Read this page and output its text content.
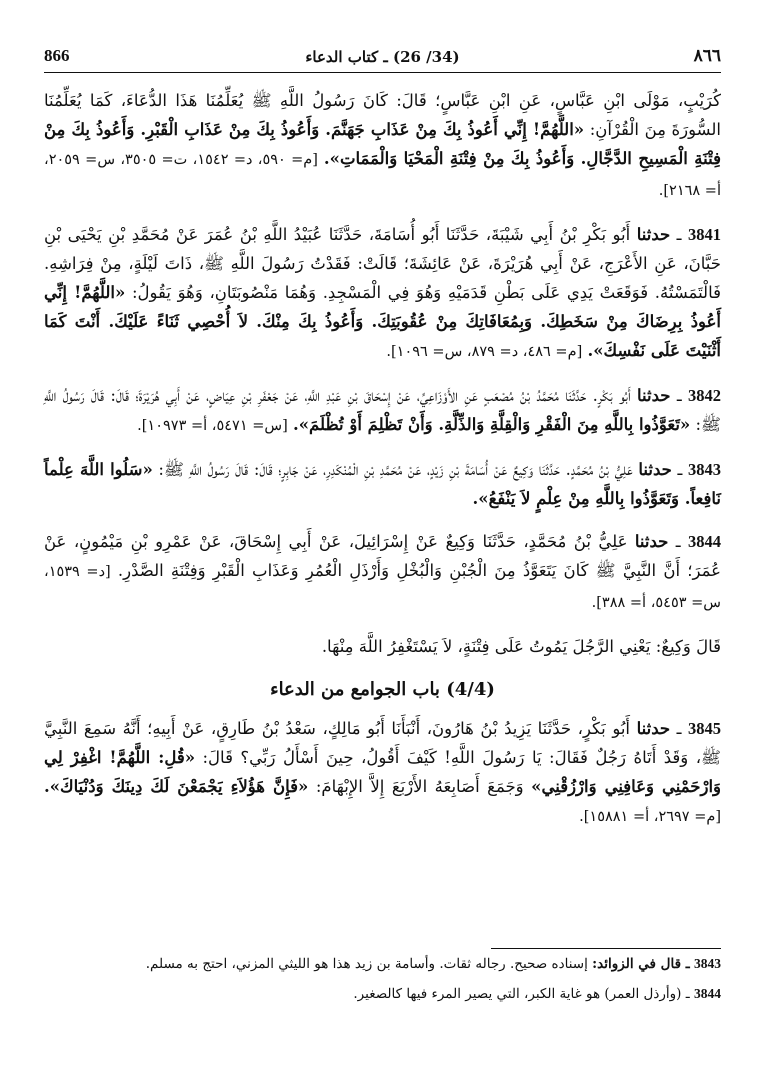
866	(34/ 26) ـ كتاب الدعاء	٨٦٦

كُرَيْبٍ، مَوْلَى ابْنِ عَبَّاسٍ، عَنِ ابْنِ عَبَّاسٍ؛ قَالَ: كَانَ رَسُولُ اللَّهِ ﷺ يُعَلِّمُنَا هَذَا الدُّعَاءَ، كَمَا يُعَلِّمُنَا السُّورَةَ مِنَ الْقُرْآنِ: «اللَّهُمَّ! إِنِّي أَعُوذُ بِكَ مِنْ عَذَابِ جَهَنَّمَ. وَأَعُوذُ بِكَ مِنْ عَذَابِ الْقَبْرِ. وَأَعُوذُ بِكَ مِنْ فِتْنَةِ الْمَسِيحِ الدَّجَّالِ. وَأَعُوذُ بِكَ مِنْ فِتْنَةِ الْمَحْيَا وَالْمَمَاتِ». [م= ٥٩٠، د= ١٥٤٢، ت= ٣٥٠٥، س= ٢٠٥٩، أ= ٢١٦٨].

3841 ـ حدثنا أَبُو بَكْرِ بْنُ أَبِي شَيْبَةَ، حَدَّثَنَا أَبُو أُسَامَةَ، حَدَّثَنَا عُبَيْدُ اللَّهِ بْنُ عُمَرَ عَنْ مُحَمَّدِ بْنِ يَحْيَى بْنِ حَبَّانَ، عَنِ الأَعْرَجِ، عَنْ أَبِي هُرَيْرَةَ، عَنْ عَائِشَةَ؛ قَالَتْ: فَقَدْتُ رَسُولَ اللَّهِ ﷺ، ذَاتَ لَيْلَةٍ، مِنْ فِرَاشِهِ. فَالْتَمَسْتُهُ. فَوَقَعَتْ يَدِي عَلَى بَطْنِ قَدَمَيْهِ وَهُوَ فِي الْمَسْجِدِ. وَهُمَا مَنْصُوبَتَانِ، وَهُوَ يَقُولُ: «اللَّهُمَّ! إِنِّي أَعُوذُ بِرِضَاكَ مِنْ سَخَطِكَ. وَبِمُعَافَاتِكَ مِنْ عُقُوبَتِكَ. وَأَعُوذُ بِكَ مِنْكَ. لاَ أُحْصِي ثَنَاءً عَلَيْكَ. أَنْتَ كَمَا أَثْنَيْتَ عَلَى نَفْسِكَ». [م= ٤٨٦، د= ٨٧٩، س= ١٠٩٦].

3842 ـ حدثنا أَبُو بَكْرٍ. حَدَّثَنَا مُحَمَّدُ بْنُ مُصْعَبٍ عَنِ الأَوْزَاعِيِّ، عَنْ إِسْحَاقَ بْنِ عَبْدِ اللَّهِ، عَنْ جَعْفَرِ بْنِ عِيَاضٍ، عَنْ أَبِي هُرَيْرَةَ؛ قَالَ: قَالَ رَسُولُ اللَّهِ ﷺ: «تَعَوَّذُوا بِاللَّهِ مِنَ الْفَقْرِ وَالْقِلَّةِ وَالذِّلَّةِ. وَأَنْ تَظْلِمَ أَوْ تُظْلَمَ». [س= ٥٤٧١، أ= ١٠٩٧٣].

3843 ـ حدثنا عَلِيُّ بْنُ مُحَمَّدٍ. حَدَّثَنَا وَكِيعٌ عَنْ أُسَامَةَ بْنِ زَيْدٍ، عَنْ مُحَمَّدِ بْنِ الْمُنْكَدِرِ، عَنْ جَابِرٍ؛ قَالَ: قَالَ رَسُولُ اللَّهِ ﷺ: «سَلُوا اللَّهَ عِلْماً نَافِعاً. وَتَعَوَّذُوا بِاللَّهِ مِنْ عِلْمٍ لاَ يَنْفَعُ».

3844 ـ حدثنا عَلِيُّ بْنُ مُحَمَّدٍ، حَدَّثَنَا وَكِيعٌ عَنْ إِسْرَائِيلَ، عَنْ أَبِي إِسْحَاقَ، عَنْ عَمْرِو بْنِ مَيْمُونٍ، عَنْ عُمَرَ؛ أَنَّ النَّبِيَّ ﷺ كَانَ يَتَعَوَّذُ مِنَ الْجُبْنِ وَالْبُخْلِ وَأَرْذَلِ الْعُمُرِ وَعَذَابِ الْقَبْرِ وَفِتْنَةِ الصَّدْرِ. [د= ١٥٣٩، س= ٥٤٥٣، أ= ٣٨٨].

قَالَ وَكِيعٌ: يَعْنِي الرَّجُلَ يَمُوتُ عَلَى فِتْنَةٍ، لاَ يَسْتَغْفِرُ اللَّهَ مِنْهَا.

(4/4) باب الجوامع من الدعاء

3845 ـ حدثنا أَبُو بَكْرٍ، حَدَّثَنَا يَزِيدُ بْنُ هَارُونَ، أَنْبَأَنَا أَبُو مَالِكٍ، سَعْدُ بْنُ طَارِقٍ، عَنْ أَبِيهِ؛ أَنَّهُ سَمِعَ النَّبِيَّ ﷺ، وَقَدْ أَتَاهُ رَجُلٌ فَقَالَ: يَا رَسُولَ اللَّهِ! كَيْفَ أَقُولُ، حِينَ أَسْأَلُ رَبِّي؟ قَالَ: «قُلِ: اللَّهُمَّ! اغْفِرْ لِي وَارْحَمْنِي وَعَافِنِي وَارْزُقْنِي» وَجَمَعَ أَصَابِعَهُ الأَرْبَعَ إِلاَّ الإِبْهَامَ: «فَإِنَّ هَؤُلاَءِ يَجْمَعْنَ لَكَ دِينَكَ وَدُنْيَاكَ». [م= ٢٦٩٧، أ= ١٥٨٨١].

3843 ـ قال في الزوائد: إسناده صحيح. رجاله ثقات. وأسامة بن زيد هذا هو الليثي المزني، احتج به مسلم.

3844 ـ (وأرذل العمر) هو غاية الكبر، التي يصير المرء فيها كالصغير.
